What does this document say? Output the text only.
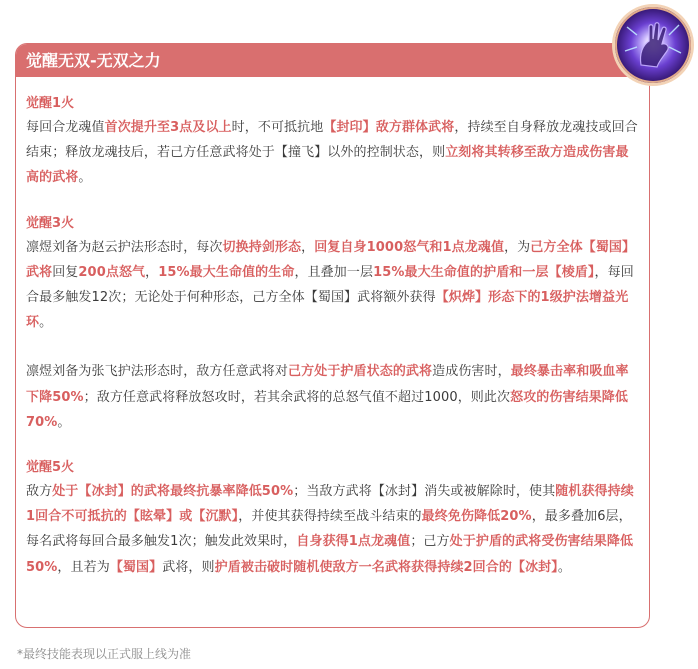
觉醒无双-无双之力
觉醒1火

每回合龙魂值首次提升至3点及以上时，不可抵抗地【封印】敌方群体武将，持续至自身释放龙魂技或回合结束；释放龙魂技后，若己方任意武将处于【撞飞】以外的控制状态，则立刻将其转移至敌方造成伤害最高的武将。

觉醒3火

凛煜刘备为赵云护法形态时，每次切换持剑形态，回复自身1000怒气和1点龙魂值，为己方全体【蜀国】武将回复200点怒气，15%最大生命值的生命，且叠加一层15%最大生命值的护盾和一层【棱盾】，每回合最多触发12次；无论处于何种形态，己方全体【蜀国】武将额外获得【炽烨】形态下的1级护法增益光环。

凛煜刘备为张飞护法形态时，敌方任意武将对己方处于护盾状态的武将造成伤害时，最终暴击率和吸血率下降50%；敌方任意武将释放怒攻时，若其余武将的总怒气值不超过1000，则此次怒攻的伤害结果降低70%。

觉醒5火

敌方处于【冰封】的武将最终抗暴率降低50%；当敌方武将【冰封】消失或被解除时，使其随机获得持续1回合不可抵抗的【眩晕】或【沉默】，并使其获得持续至战斗结束的最终免伤降低20%，最多叠加6层，每名武将每回合最多触发1次；触发此效果时，自身获得1点龙魂值；己方处于护盾的武将受伤害结果降低50%，且若为【蜀国】武将，则护盾被击破时随机使敌方一名武将获得持续2回合的【冰封】。

*最终技能表现以正式服上线为准
